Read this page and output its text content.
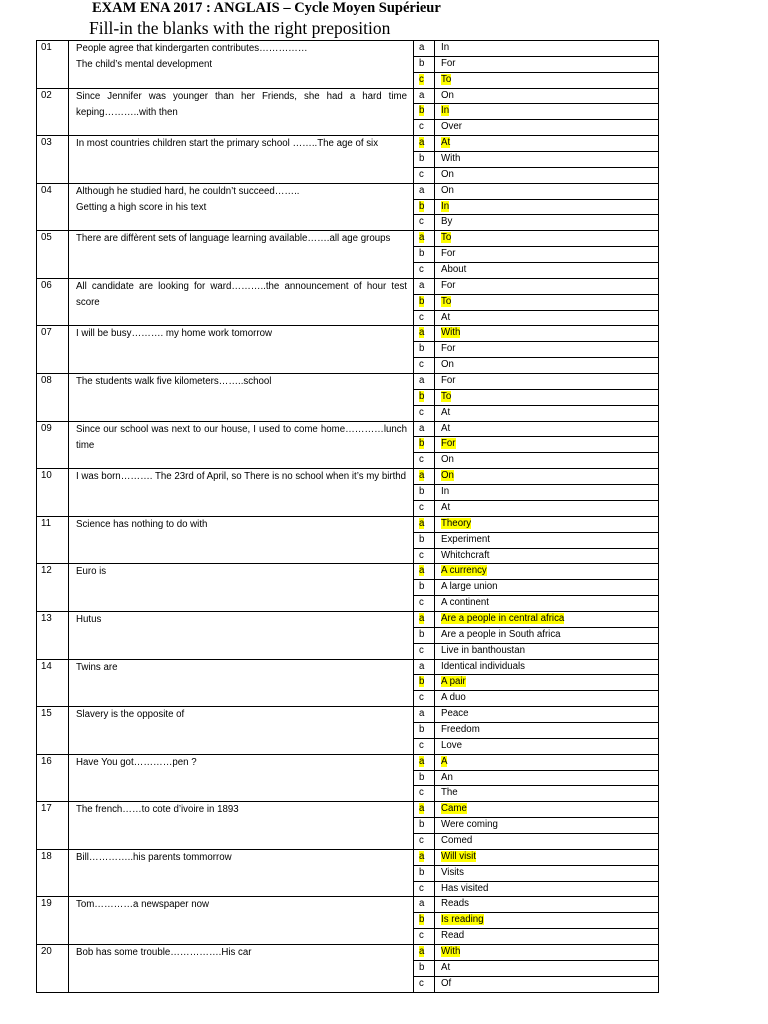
EXAM ENA 2017 : ANGLAIS – Cycle Moyen Supérieur
Fill-in the blanks with the right preposition
01	People agree that kindergarten contributes……………
The child’s mental development	a	In
		b	For
		c	To
02	Since Jennifer was younger than her Friends, she had a hard time keping………..with then	a	On
		b	In
		c	Over
03	In most countries children start the primary school ……..The age of six	a	At
		b	With
		c	On
04	Although he studied hard, he couldn’t succeed……..
Getting a high score in his text	a	On
		b	In
		c	By
05	There are diffèrent sets of language learning available…….all age groups	a	To
		b	For
		c	About
06	All candidate are looking for ward………..the announcement of hour test score	a	For
		b	To
		c	At
07	I will be busy………. my home work tomorrow	a	With
		b	For
		c	On
08	The students walk five kilometers……..school	a	For
		b	To
		c	At
09	Since our school was next to our house, I used to come home…………lunch time	a	At
		b	For
		c	On
10	I was born………. The 23rd of April, so There is no school when it’s my birthd	a	On
		b	In
		c	At
11	Science has nothing to do with	a	Theory
		b	Experiment
		c	Whitchcraft
12	Euro is	a	A currency
		b	A large union
		c	A continent
13	Hutus	a	Are a people in central africa
		b	Are a people in South africa
		c	Live in banthoustan
14	Twins are	a	Identical individuals
		b	A pair
		c	A duo
15	Slavery is the opposite of	a	Peace
		b	Freedom
		c	Love
16	Have You got…………pen ?	a	A
		b	An
		c	The
17	The french……to cote d’ivoire in 1893	a	Came
		b	Were coming
		c	Comed
18	Bill…………..his parents tommorrow	a	Will visit
		b	Visits
		c	Has visited
19	Tom…………a newspaper now	a	Reads
		b	Is reading
		c	Read
20	Bob has some trouble…………….His car	a	With
		b	At
		c	Of
